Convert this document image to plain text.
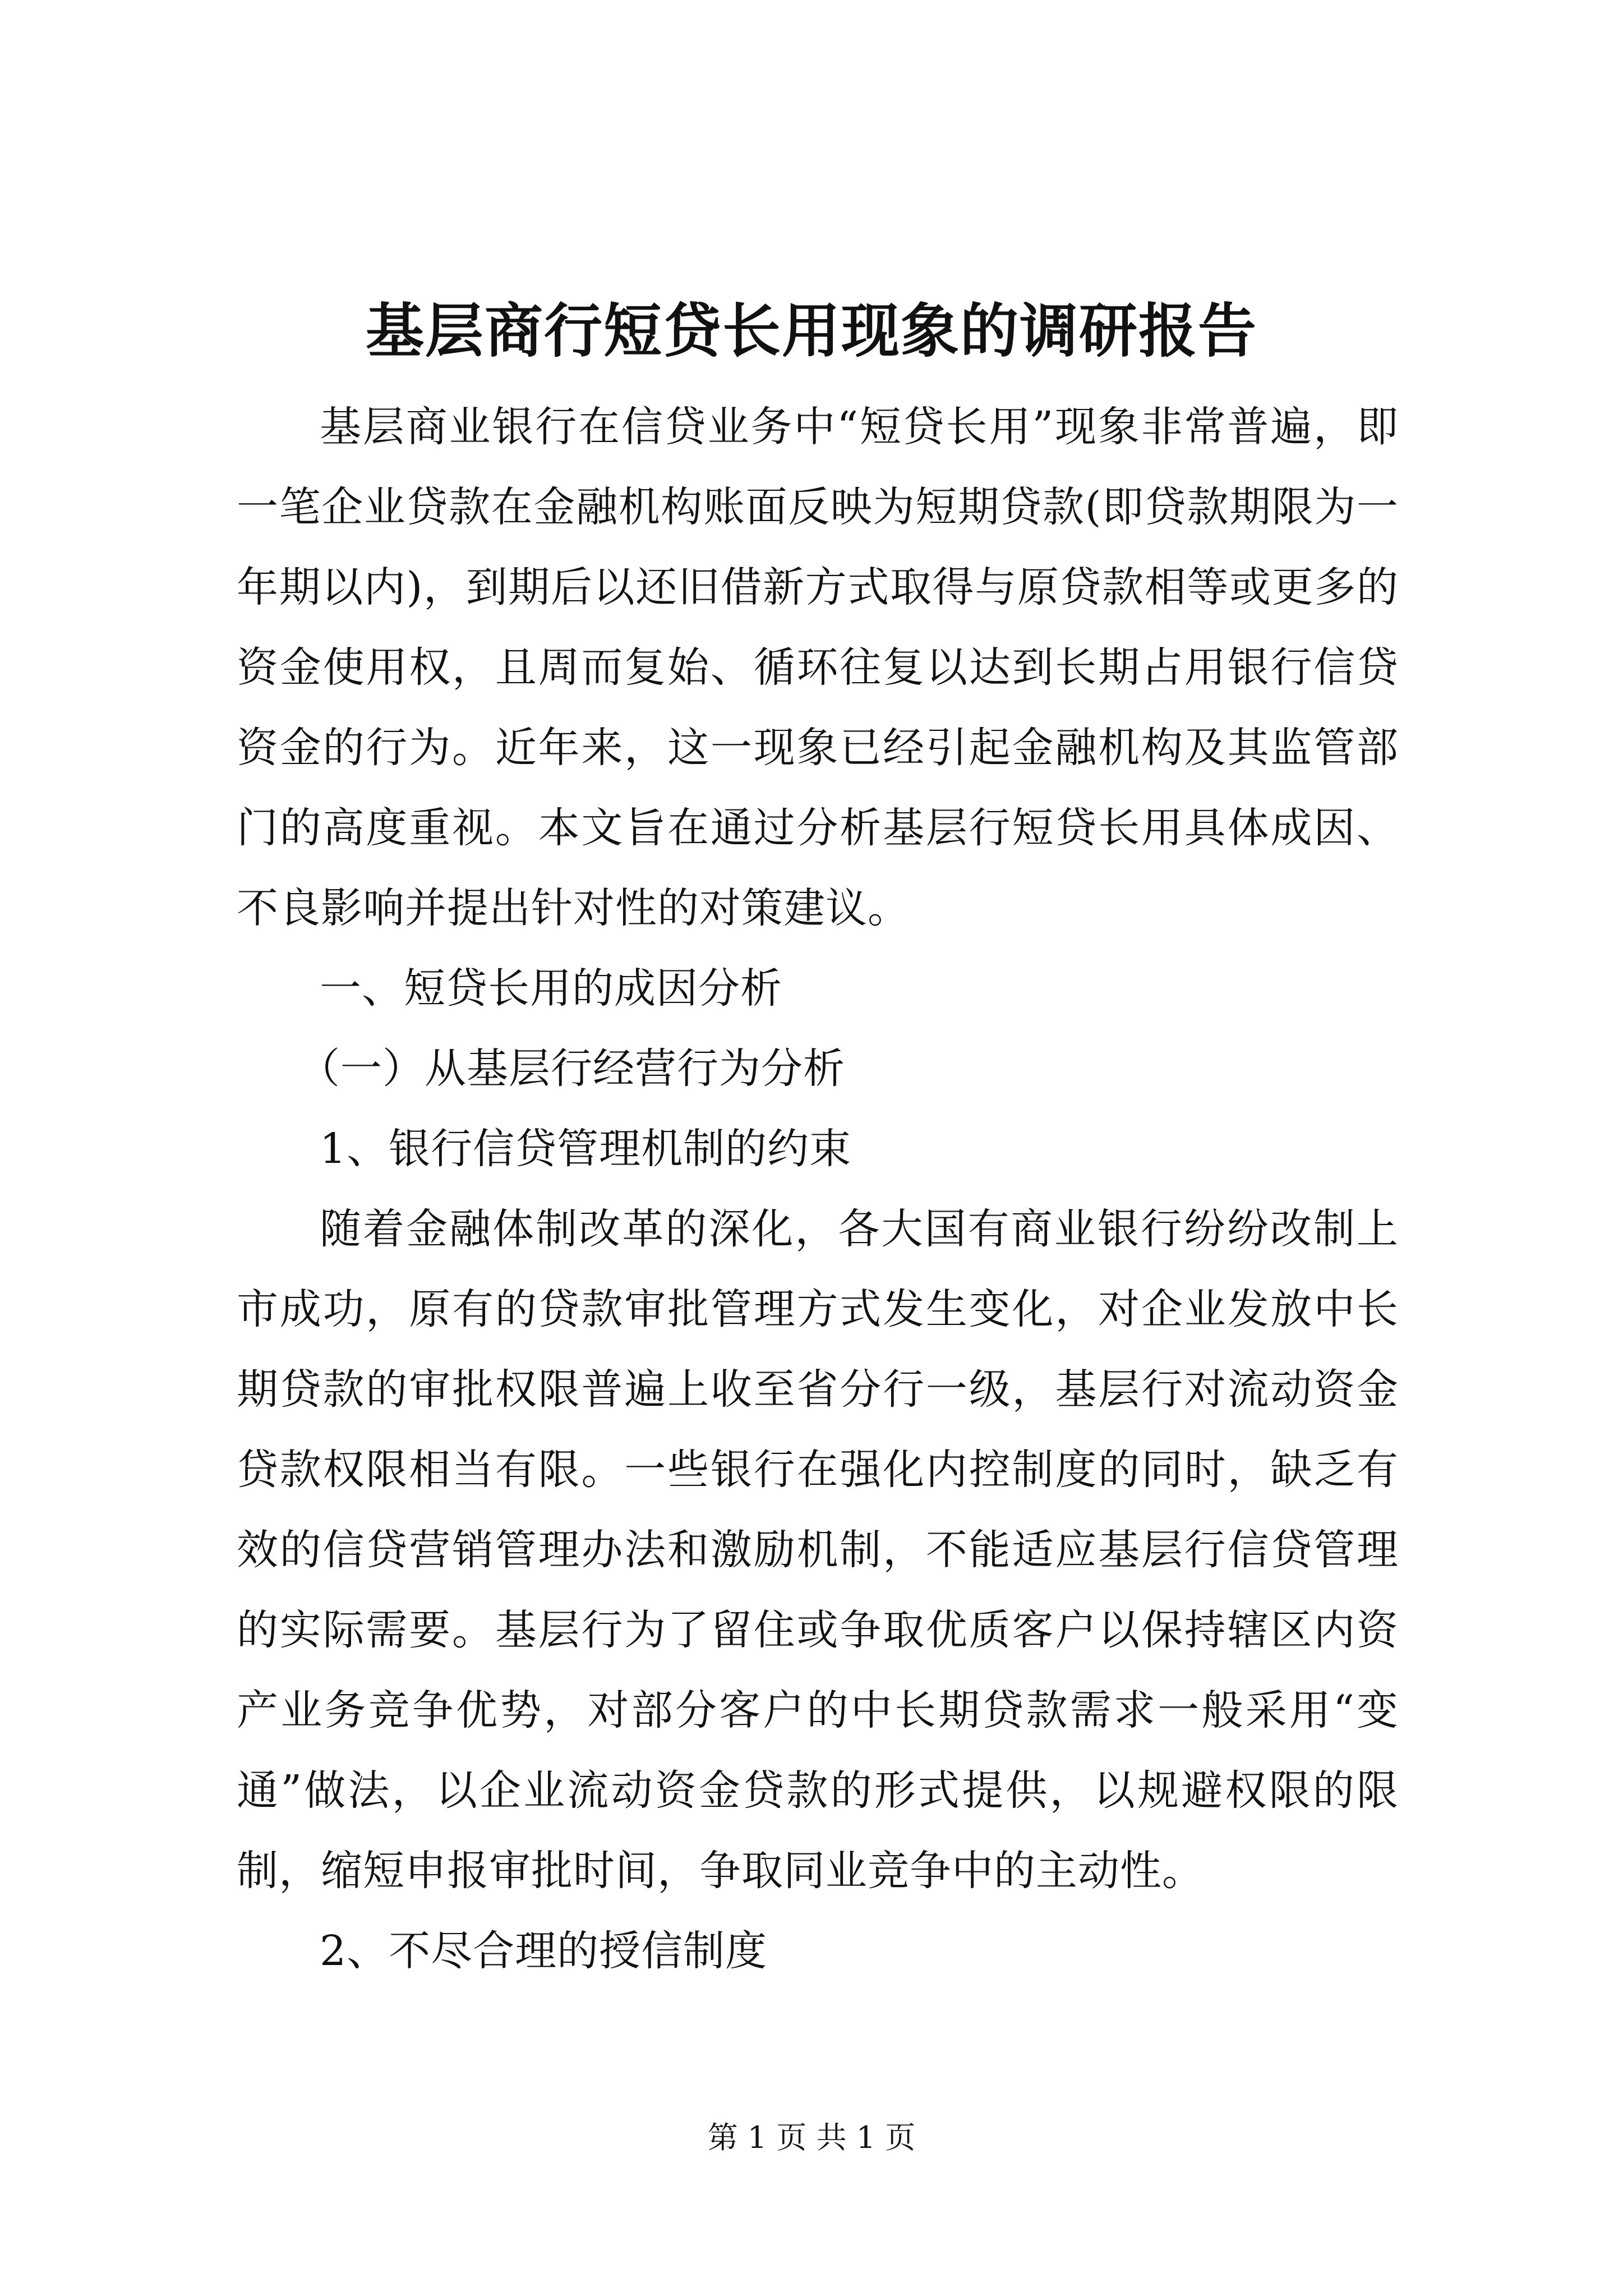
基层商行短贷长用现象的调研报告

基层商业银行在信贷业务中“短贷长用”现象非常普遍，即一笔企业贷款在金融机构账面反映为短期贷款(即贷款期限为一年期以内)，到期后以还旧借新方式取得与原贷款相等或更多的资金使用权，且周而复始、循环往复以达到长期占用银行信贷资金的行为。近年来，这一现象已经引起金融机构及其监管部门的高度重视。本文旨在通过分析基层行短贷长用具体成因、不良影响并提出针对性的对策建议。

一、短贷长用的成因分析

（一）从基层行经营行为分析

1、银行信贷管理机制的约束

随着金融体制改革的深化，各大国有商业银行纷纷改制上市成功，原有的贷款审批管理方式发生变化，对企业发放中长期贷款的审批权限普遍上收至省分行一级，基层行对流动资金贷款权限相当有限。一些银行在强化内控制度的同时，缺乏有效的信贷营销管理办法和激励机制，不能适应基层行信贷管理的实际需要。基层行为了留住或争取优质客户以保持辖区内资产业务竞争优势，对部分客户的中长期贷款需求一般采用“变通”做法，以企业流动资金贷款的形式提供，以规避权限的限制，缩短申报审批时间，争取同业竞争中的主动性。

2、不尽合理的授信制度

第 1 页 共 1 页
